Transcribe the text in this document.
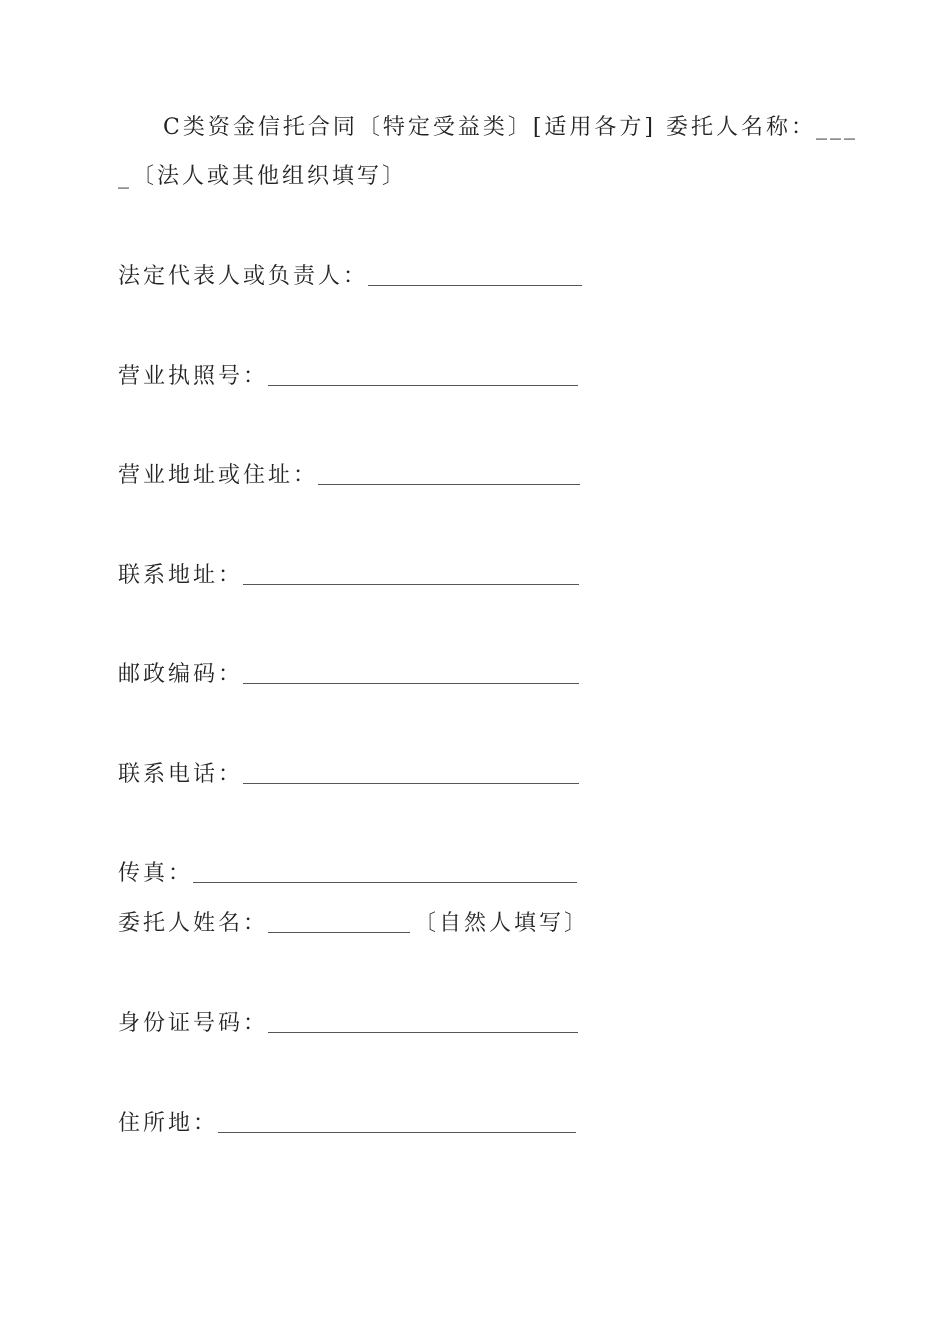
C类资金信托合同〔特定受益类〕[适用各方] 委托人名称：___
_〔法人或其他组织填写〕
法定代表人或负责人：
营业执照号：
营业地址或住址：
联系地址：
邮政编码：
联系电话：
传真：
委托人姓名：	〔自然人填写〕
身份证号码：
住所地：
